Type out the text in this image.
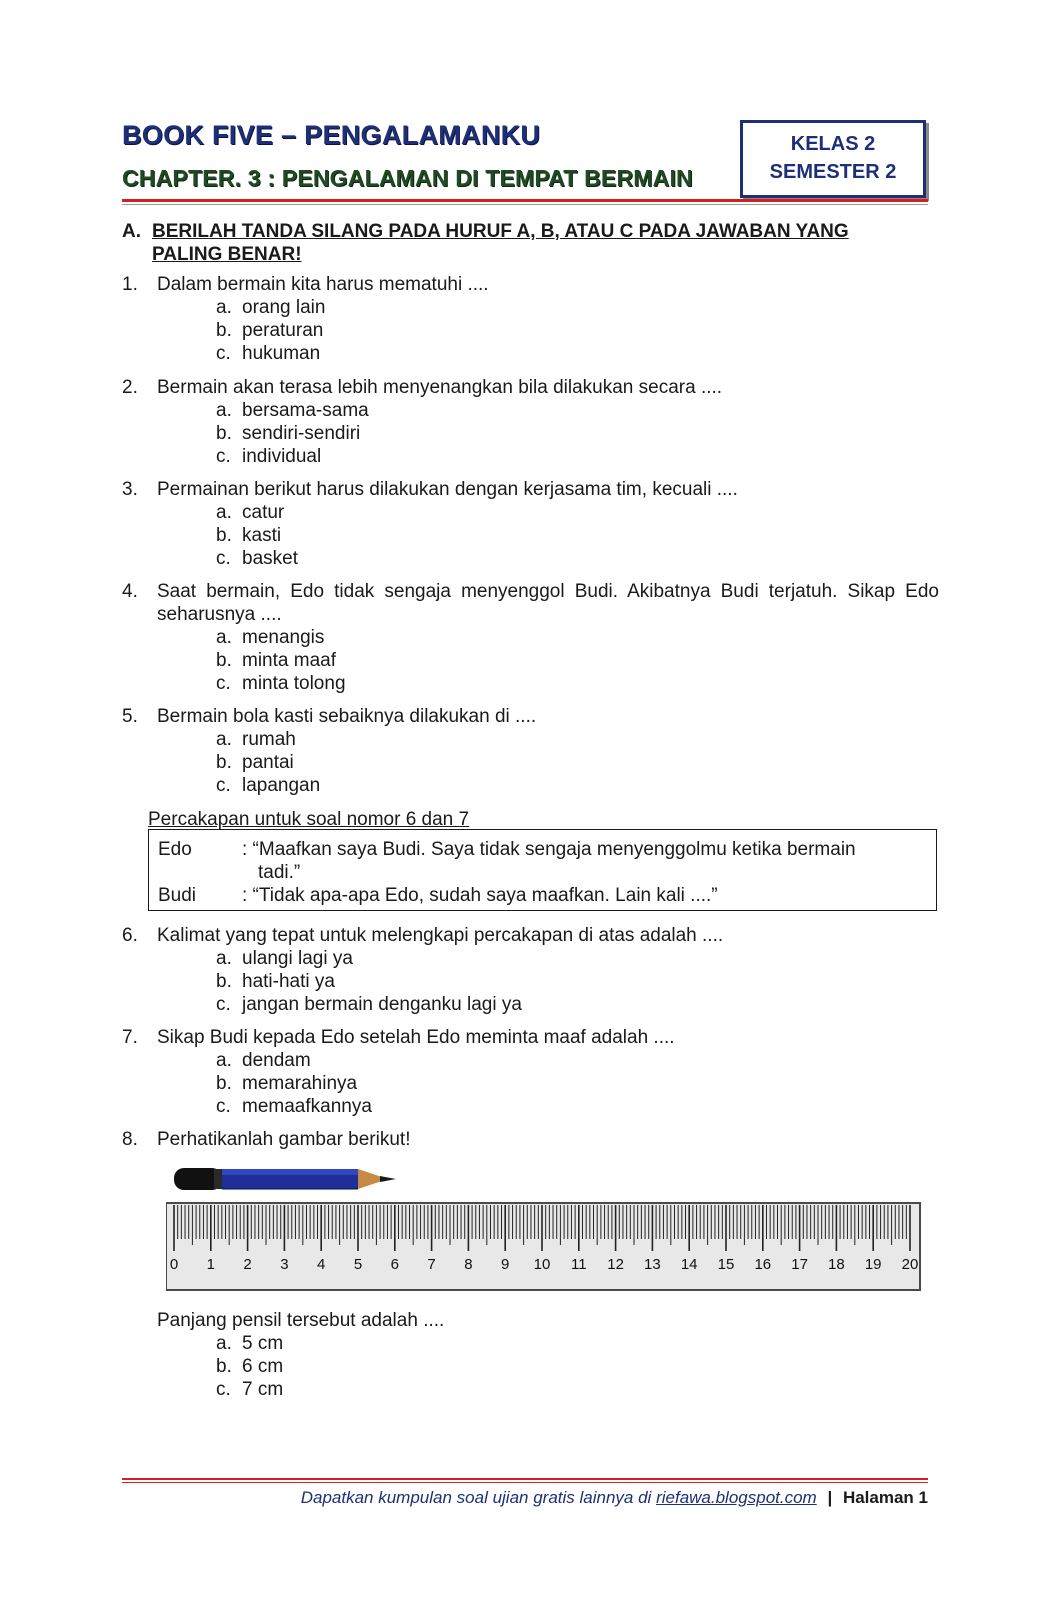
BOOK FIVE – PENGALAMANKU
CHAPTER. 3 : PENGALAMAN DI TEMPAT BERMAIN
KELAS 2
SEMESTER 2
A. BERILAH TANDA SILANG PADA HURUF A, B, ATAU C PADA JAWABAN YANG PALING BENAR!
1. Dalam bermain kita harus mematuhi ....
a. orang lain
b. peraturan
c. hukuman
2. Bermain akan terasa lebih menyenangkan bila dilakukan secara ....
a. bersama-sama
b. sendiri-sendiri
c. individual
3. Permainan berikut harus dilakukan dengan kerjasama tim, kecuali ....
a. catur
b. kasti
c. basket
4. Saat bermain, Edo tidak sengaja menyenggol Budi. Akibatnya Budi terjatuh. Sikap Edo seharusnya ....
a. menangis
b. minta maaf
c. minta tolong
5. Bermain bola kasti sebaiknya dilakukan di ....
a. rumah
b. pantai
c. lapangan
Percakapan untuk soal nomor 6 dan 7
Edo	: “Maafkan saya Budi. Saya tidak sengaja menyenggolmu ketika bermain
tadi.”
Budi : “Tidak apa-apa Edo, sudah saya maafkan. Lain kali ....”
6. Kalimat yang tepat untuk melengkapi percakapan di atas adalah ....
a. ulangi lagi ya
b. hati-hati ya
c. jangan bermain denganku lagi ya
7. Sikap Budi kepada Edo setelah Edo meminta maaf adalah ....
a. dendam
b. memarahinya
c. memaafkannya
8. Perhatikanlah gambar berikut!
0 1 2 3 4 5 6 7 8 9 10 11 12 13 14 15 16 17 18 19 20
Panjang pensil tersebut adalah ....
a. 5 cm
b. 6 cm
c. 7 cm
Dapatkan kumpulan soal ujian gratis lainnya di riefawa.blogspot.com | Halaman 1
